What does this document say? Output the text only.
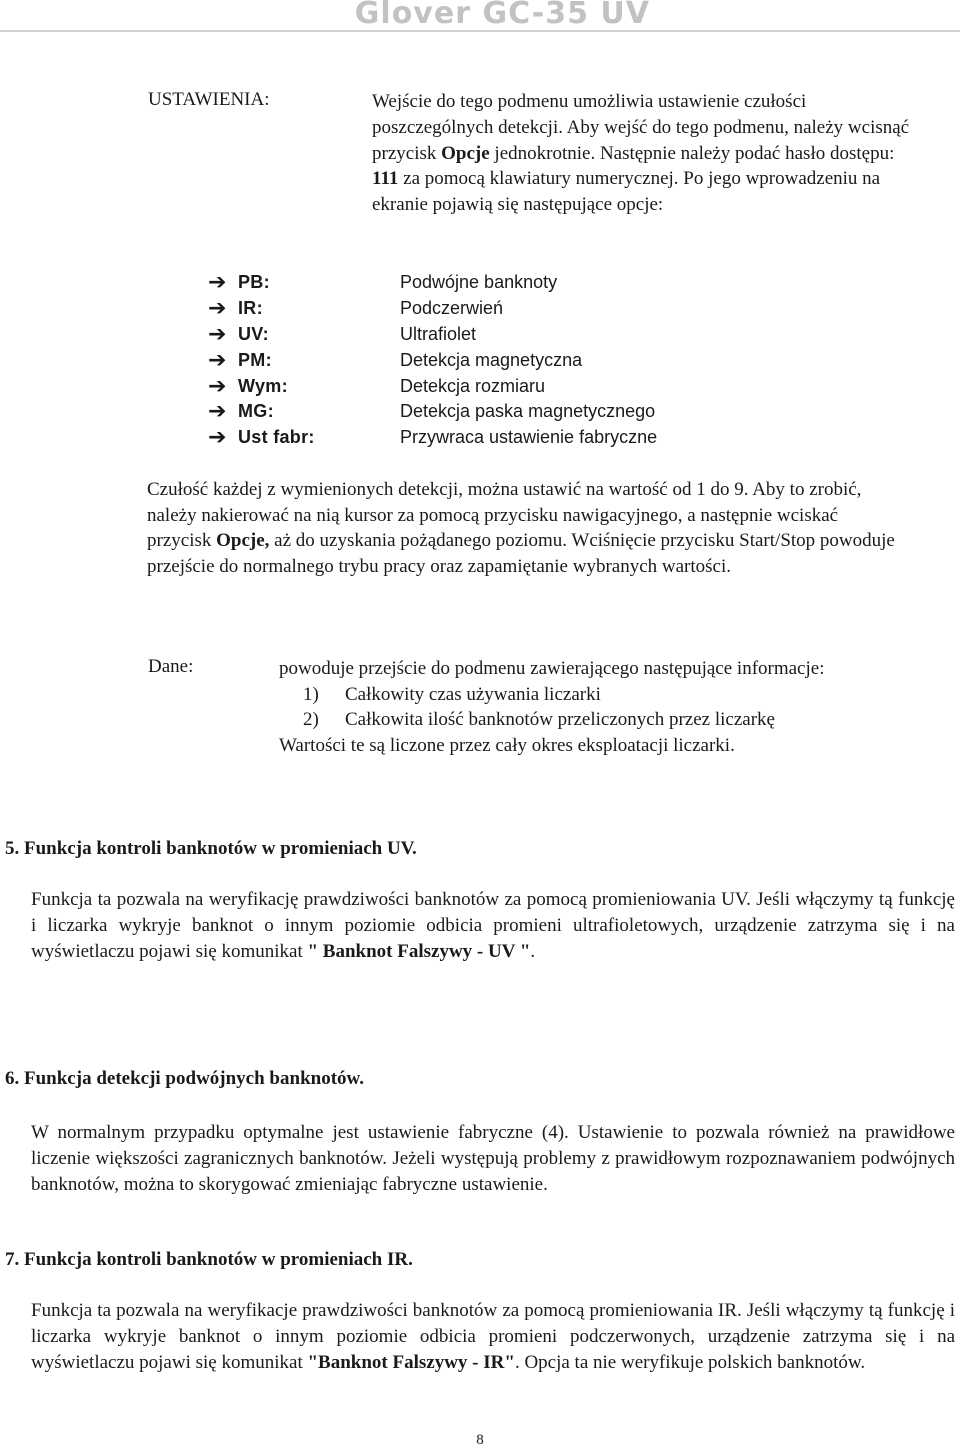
Glover GC-35 UV

USTAWIENIA:	Wejście do tego podmenu umożliwia ustawienie czułości poszczególnych detekcji. Aby wejść do tego podmenu, należy wcisnąć przycisk Opcje jednokrotnie. Następnie należy podać hasło dostępu: 111 za pomocą klawiatury numerycznej. Po jego wprowadzeniu na ekranie pojawią się następujące opcje:

➔ PB:	Podwójne banknoty
➔ IR:	Podczerwień
➔ UV:	Ultrafiolet
➔ PM:	Detekcja magnetyczna
➔ Wym:	Detekcja rozmiaru
➔ MG:	Detekcja paska magnetycznego
➔ Ust fabr:	Przywraca ustawienie fabryczne

Czułość każdej z wymienionych detekcji, można ustawić na wartość od 1 do 9. Aby to zrobić, należy nakierować na nią kursor za pomocą przycisku nawigacyjnego, a następnie wciskać przycisk Opcje, aż do uzyskania pożądanego poziomu. Wciśnięcie przycisku Start/Stop powoduje przejście do normalnego trybu pracy oraz zapamiętanie wybranych wartości.

Dane:	powoduje przejście do podmenu zawierającego następujące informacje:
1) Całkowity czas używania liczarki
2) Całkowita ilość banknotów przeliczonych przez liczarkę
Wartości te są liczone przez cały okres eksploatacji liczarki.

5. Funkcja kontroli banknotów w promieniach UV.

Funkcja ta pozwala na weryfikację prawdziwości banknotów za pomocą promieniowania UV. Jeśli włączymy tą funkcję i liczarka wykryje banknot o innym poziomie odbicia promieni ultrafioletowych, urządzenie zatrzyma się i na wyświetlaczu pojawi się komunikat " Banknot Falszywy - UV ".

6. Funkcja detekcji podwójnych banknotów.

W normalnym przypadku optymalne jest ustawienie fabryczne (4). Ustawienie to pozwala również na prawidłowe liczenie większości zagranicznych banknotów. Jeżeli występują problemy z prawidłowym rozpoznawaniem podwójnych banknotów, można to skorygować zmieniając fabryczne ustawienie.

7. Funkcja kontroli banknotów w promieniach IR.

Funkcja ta pozwala na weryfikacje prawdziwości banknotów za pomocą promieniowania IR. Jeśli włączymy tą funkcję i liczarka wykryje banknot o innym poziomie odbicia promieni podczerwonych, urządzenie zatrzyma się i na wyświetlaczu pojawi się komunikat "Banknot Falszywy - IR". Opcja ta nie weryfikuje polskich banknotów.

8
